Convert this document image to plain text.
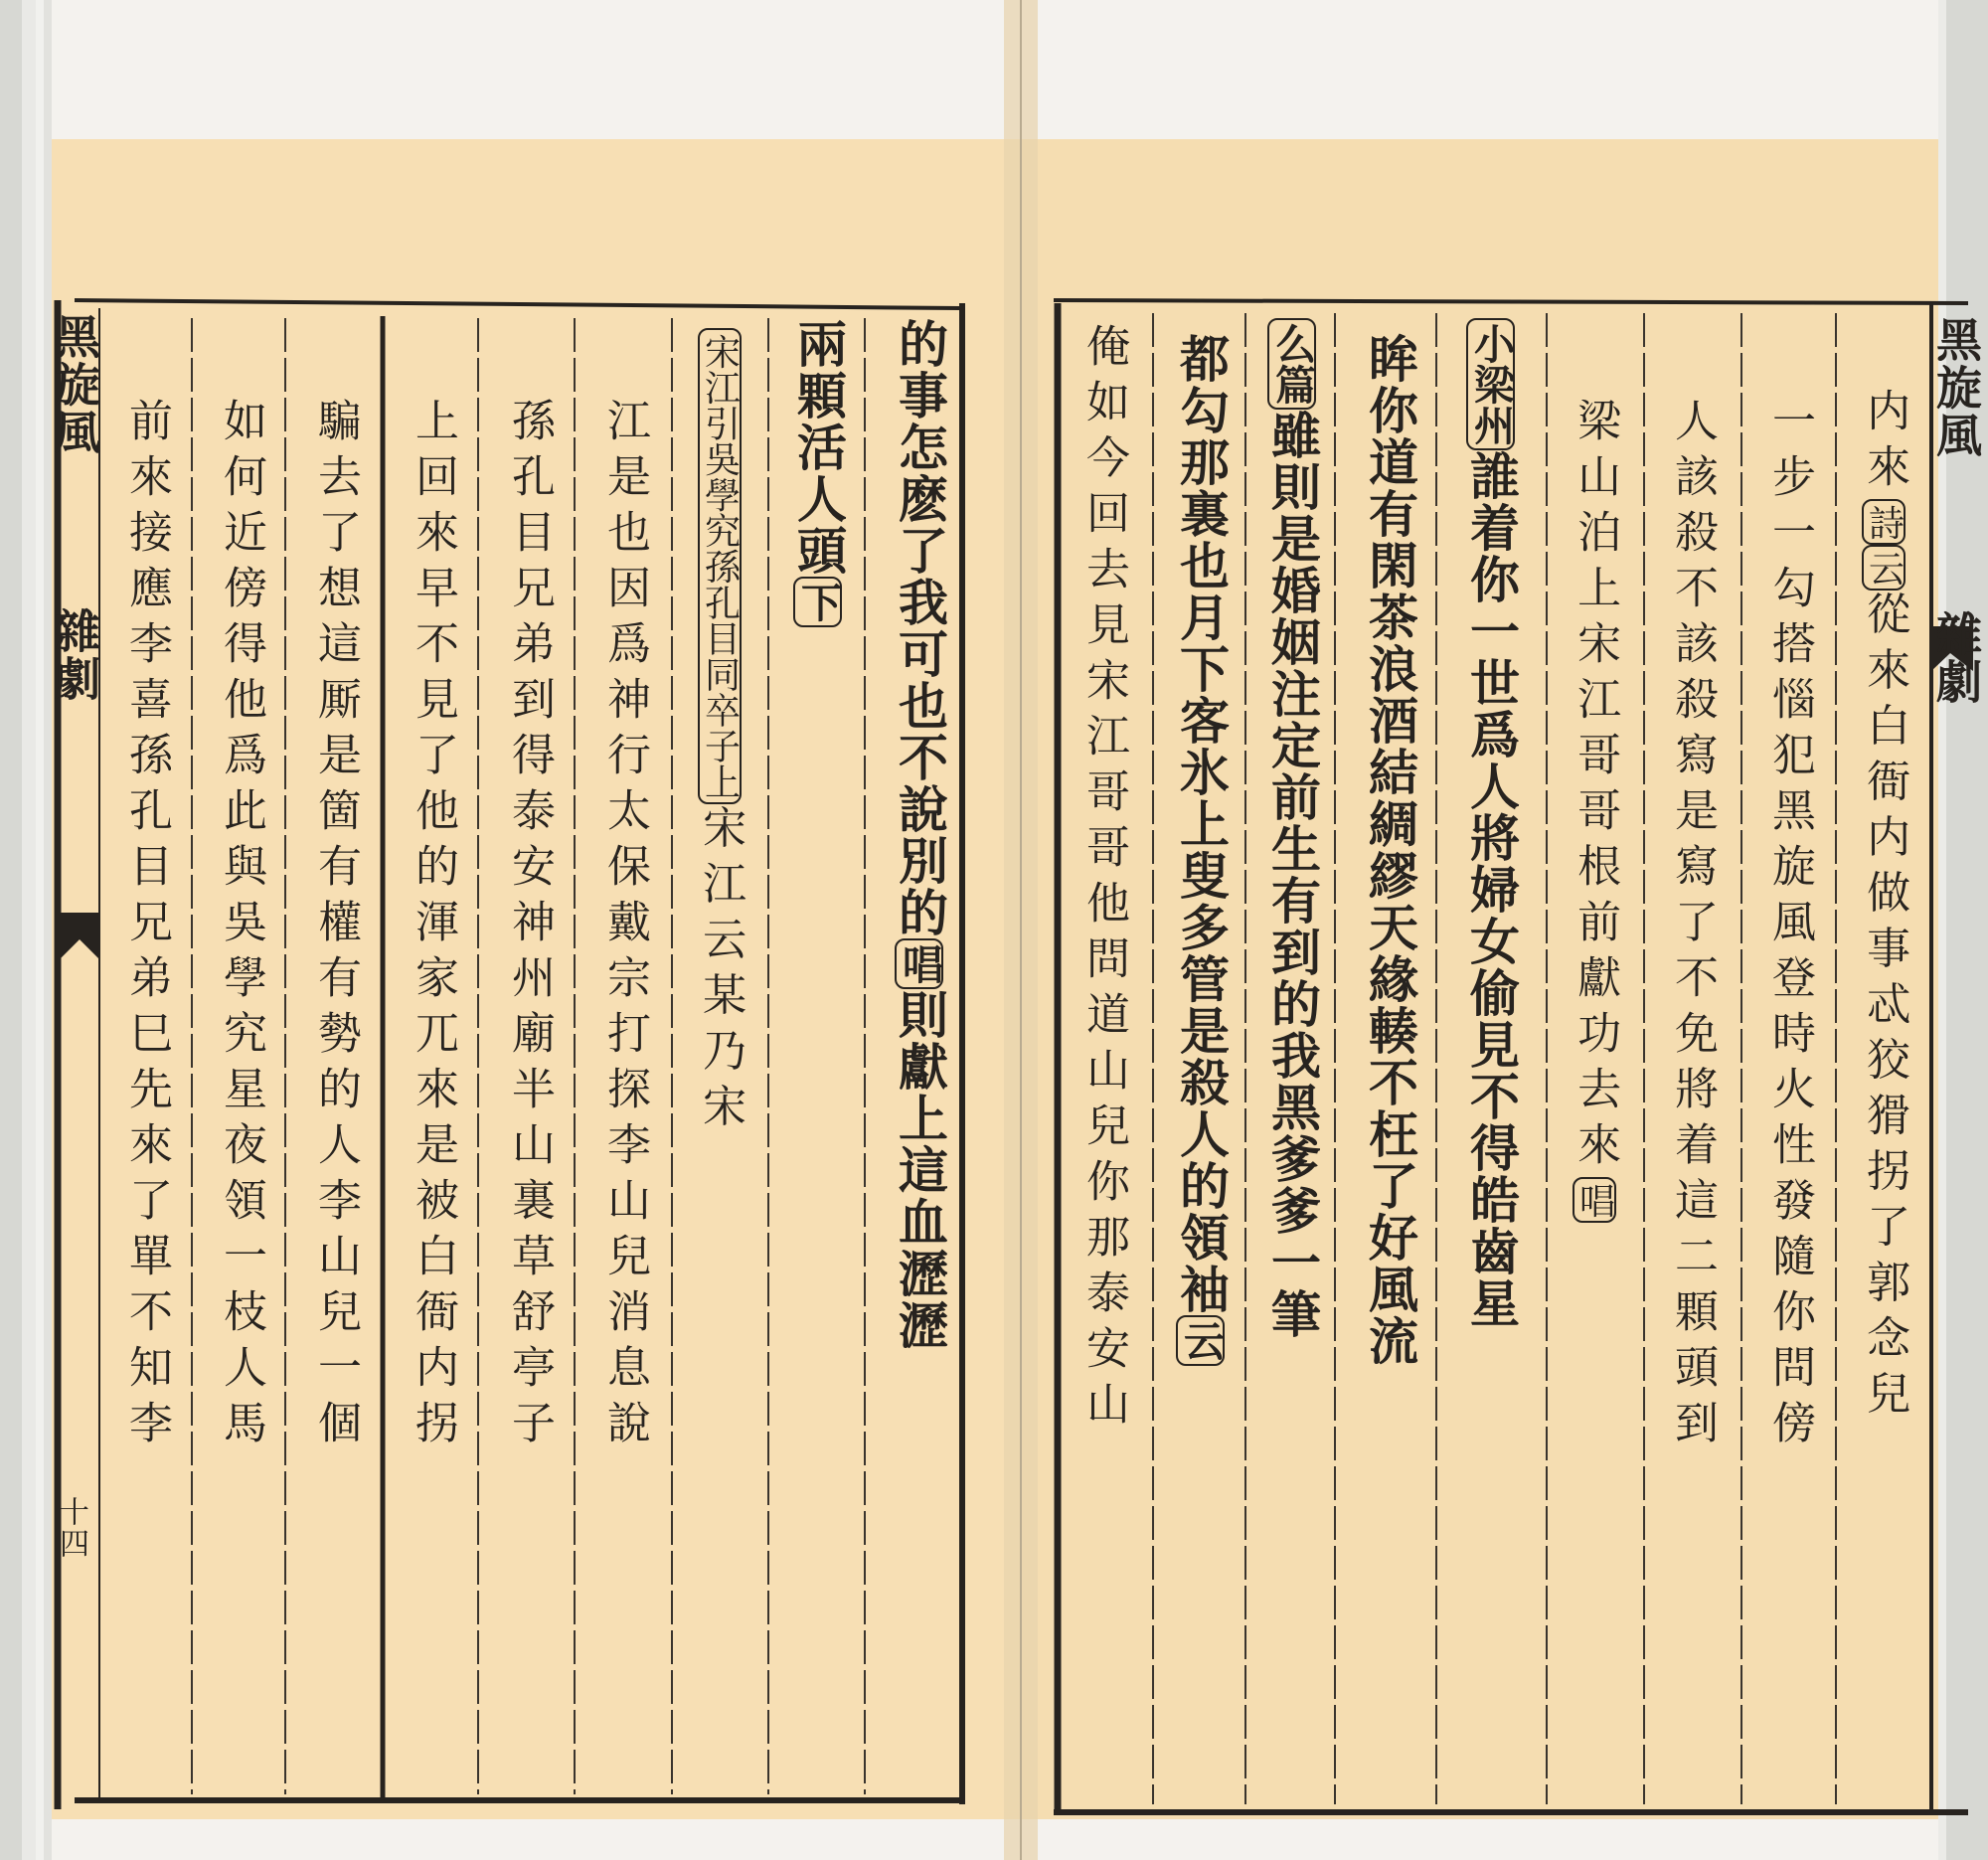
黑旋風  雜劇
十四
的事怎麽了我可也不說別的唱則獻上這血瀝瀝
兩顆活人頭下
宋江引吳學究孫孔目同卒子上宋江云某乃宋
江是也因爲神行太保戴宗打探李山兒消息說
孫孔目兄弟到得泰安神州廟半山裏草舒亭子
上回來早不見了他的渾家兀來是被白衙内拐
騙去了想這厮是箇有權有勢的人李山兒一個
如何近傍得他爲此與吳學究星夜領一枝人馬
前來接應李喜孫孔目兄弟巳先來了單不知李
黑旋風  雜劇
内來詩云從來白衙内做事忒狡猾拐了郭念兒
一步一勾搭惱犯黑旋風登時火性發隨你問傍
人該殺不該殺寫是寫了不免將着這二顆頭到
梁山泊上宋江哥哥根前獻功去來唱
小梁州誰着你一世爲人將婦女偷見不得皓齒星
眸你道有閑茶浪酒結綢繆天緣輳不枉了好風流
么篇雖則是婚姻注定前生有到的我黑爹爹一筆
都勾那裏也月下客氷上叟多管是殺人的領袖云
俺如今回去見宋江哥哥他問道山兒你那泰安山
